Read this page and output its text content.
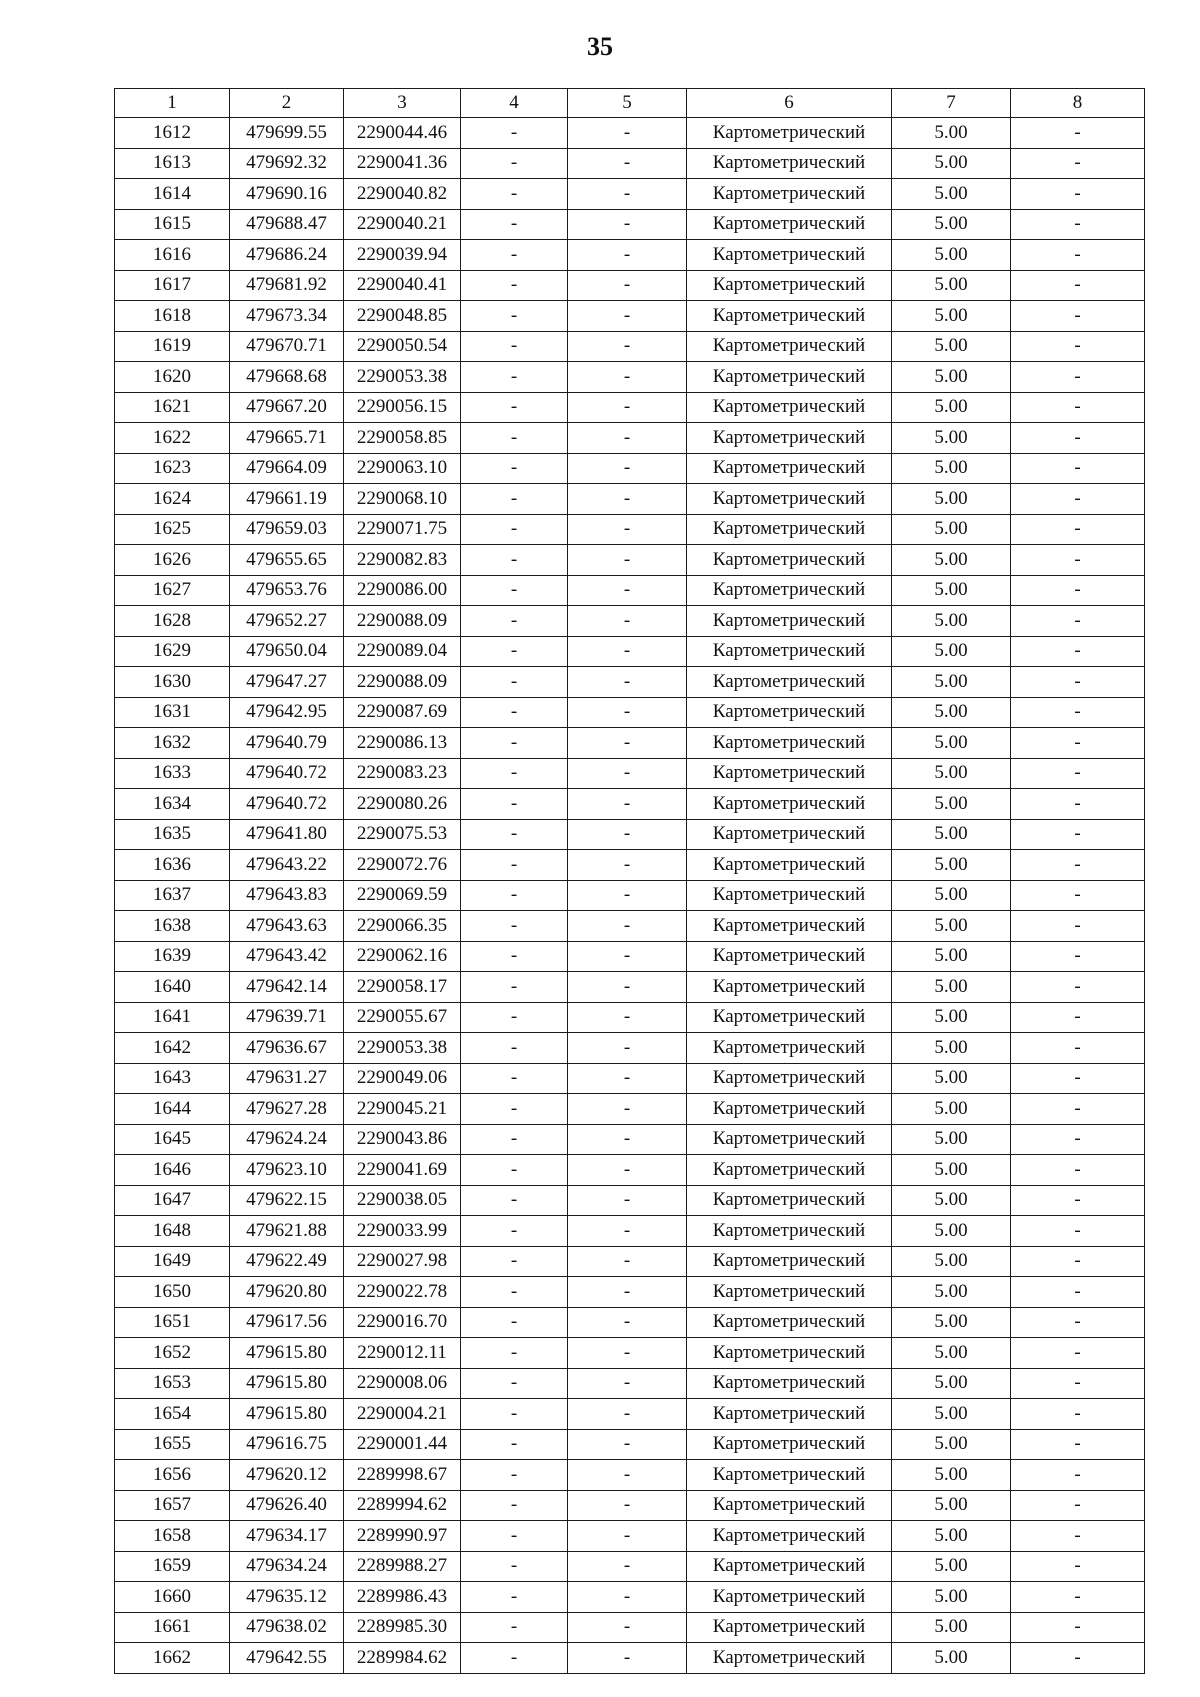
35
1	2	3	4	5	6	7	8
1612	479699.55	2290044.46	-	-	Картометрический	5.00	-
1613	479692.32	2290041.36	-	-	Картометрический	5.00	-
1614	479690.16	2290040.82	-	-	Картометрический	5.00	-
1615	479688.47	2290040.21	-	-	Картометрический	5.00	-
1616	479686.24	2290039.94	-	-	Картометрический	5.00	-
1617	479681.92	2290040.41	-	-	Картометрический	5.00	-
1618	479673.34	2290048.85	-	-	Картометрический	5.00	-
1619	479670.71	2290050.54	-	-	Картометрический	5.00	-
1620	479668.68	2290053.38	-	-	Картометрический	5.00	-
1621	479667.20	2290056.15	-	-	Картометрический	5.00	-
1622	479665.71	2290058.85	-	-	Картометрический	5.00	-
1623	479664.09	2290063.10	-	-	Картометрический	5.00	-
1624	479661.19	2290068.10	-	-	Картометрический	5.00	-
1625	479659.03	2290071.75	-	-	Картометрический	5.00	-
1626	479655.65	2290082.83	-	-	Картометрический	5.00	-
1627	479653.76	2290086.00	-	-	Картометрический	5.00	-
1628	479652.27	2290088.09	-	-	Картометрический	5.00	-
1629	479650.04	2290089.04	-	-	Картометрический	5.00	-
1630	479647.27	2290088.09	-	-	Картометрический	5.00	-
1631	479642.95	2290087.69	-	-	Картометрический	5.00	-
1632	479640.79	2290086.13	-	-	Картометрический	5.00	-
1633	479640.72	2290083.23	-	-	Картометрический	5.00	-
1634	479640.72	2290080.26	-	-	Картометрический	5.00	-
1635	479641.80	2290075.53	-	-	Картометрический	5.00	-
1636	479643.22	2290072.76	-	-	Картометрический	5.00	-
1637	479643.83	2290069.59	-	-	Картометрический	5.00	-
1638	479643.63	2290066.35	-	-	Картометрический	5.00	-
1639	479643.42	2290062.16	-	-	Картометрический	5.00	-
1640	479642.14	2290058.17	-	-	Картометрический	5.00	-
1641	479639.71	2290055.67	-	-	Картометрический	5.00	-
1642	479636.67	2290053.38	-	-	Картометрический	5.00	-
1643	479631.27	2290049.06	-	-	Картометрический	5.00	-
1644	479627.28	2290045.21	-	-	Картометрический	5.00	-
1645	479624.24	2290043.86	-	-	Картометрический	5.00	-
1646	479623.10	2290041.69	-	-	Картометрический	5.00	-
1647	479622.15	2290038.05	-	-	Картометрический	5.00	-
1648	479621.88	2290033.99	-	-	Картометрический	5.00	-
1649	479622.49	2290027.98	-	-	Картометрический	5.00	-
1650	479620.80	2290022.78	-	-	Картометрический	5.00	-
1651	479617.56	2290016.70	-	-	Картометрический	5.00	-
1652	479615.80	2290012.11	-	-	Картометрический	5.00	-
1653	479615.80	2290008.06	-	-	Картометрический	5.00	-
1654	479615.80	2290004.21	-	-	Картометрический	5.00	-
1655	479616.75	2290001.44	-	-	Картометрический	5.00	-
1656	479620.12	2289998.67	-	-	Картометрический	5.00	-
1657	479626.40	2289994.62	-	-	Картометрический	5.00	-
1658	479634.17	2289990.97	-	-	Картометрический	5.00	-
1659	479634.24	2289988.27	-	-	Картометрический	5.00	-
1660	479635.12	2289986.43	-	-	Картометрический	5.00	-
1661	479638.02	2289985.30	-	-	Картометрический	5.00	-
1662	479642.55	2289984.62	-	-	Картометрический	5.00	-
